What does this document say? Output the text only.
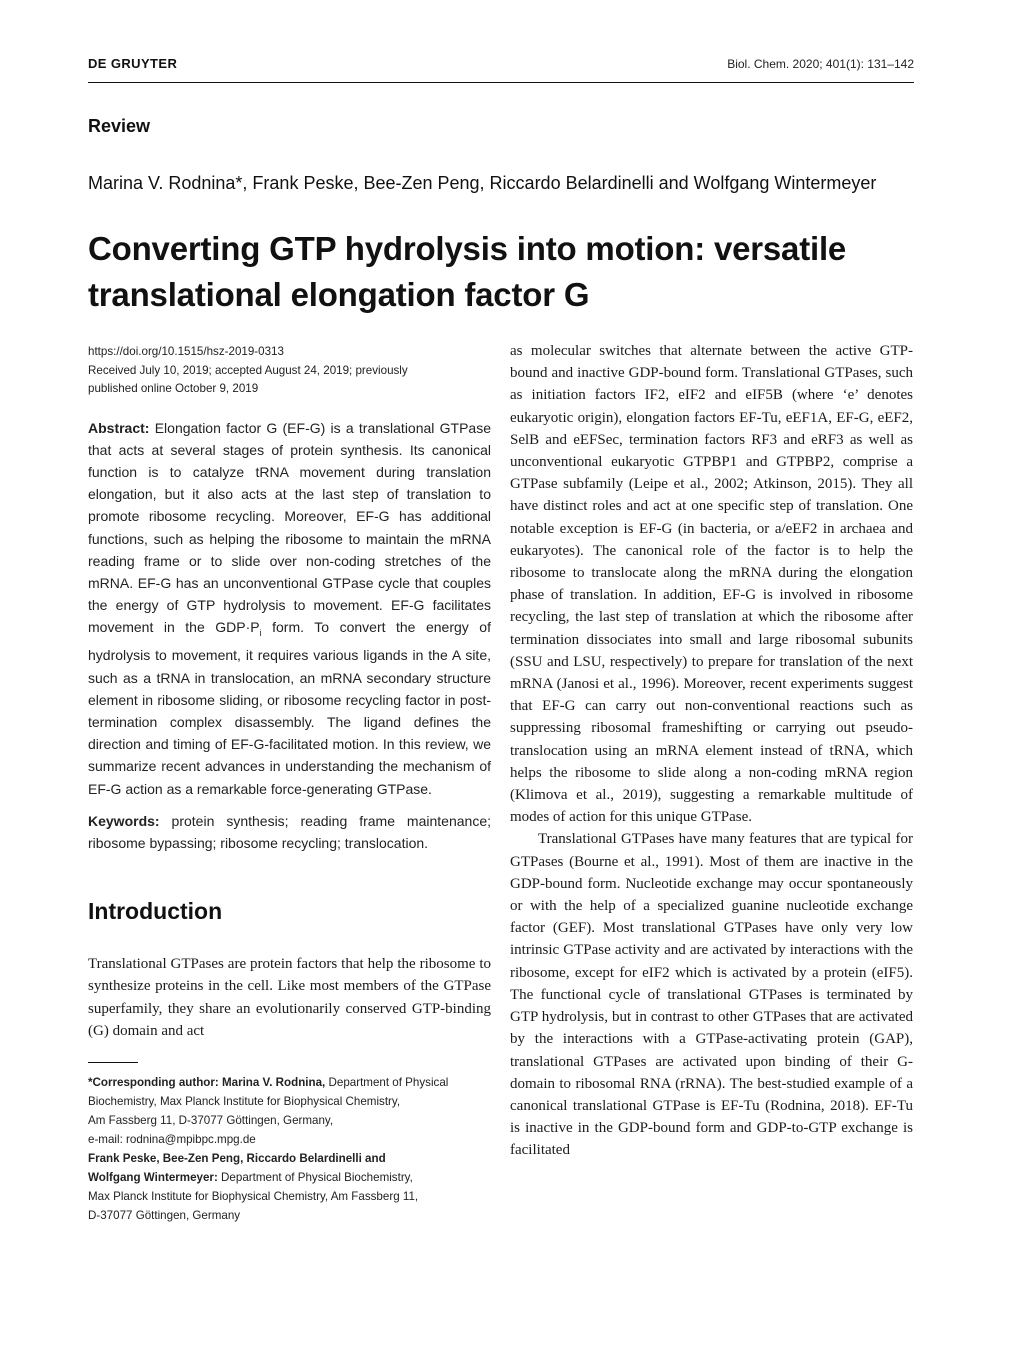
DE GRUYTER	Biol. Chem. 2020; 401(1): 131–142
Review
Marina V. Rodnina*, Frank Peske, Bee-Zen Peng, Riccardo Belardinelli and Wolfgang Wintermeyer
Converting GTP hydrolysis into motion: versatile translational elongation factor G
https://doi.org/10.1515/hsz-2019-0313
Received July 10, 2019; accepted August 24, 2019; previously
published online October 9, 2019

Abstract: Elongation factor G (EF-G) is a translational GTPase that acts at several stages of protein synthesis. Its canonical function is to catalyze tRNA movement during translation elongation, but it also acts at the last step of translation to promote ribosome recycling. Moreover, EF-G has additional functions, such as helping the ribosome to maintain the mRNA reading frame or to slide over non-coding stretches of the mRNA. EF-G has an unconventional GTPase cycle that couples the energy of GTP hydrolysis to movement. EF-G facilitates movement in the $GDP\cdot P_i$ form. To convert the energy of hydrolysis to movement, it requires various ligands in the A site, such as a tRNA in translocation, an mRNA secondary structure element in ribosome sliding, or ribosome recycling factor in post-termination complex disassembly. The ligand defines the direction and timing of EF-G-facilitated motion. In this review, we summarize recent advances in understanding the mechanism of EF-G action as a remarkable force-generating GTPase.

Keywords: protein synthesis; reading frame maintenance; ribosome bypassing; ribosome recycling; translocation.

Introduction

Translational GTPases are protein factors that help the ribosome to synthesize proteins in the cell. Like most members of the GTPase superfamily, they share an evolutionarily conserved GTP-binding (G) domain and act

*Corresponding author: Marina V. Rodnina, Department of Physical Biochemistry, Max Planck Institute for Biophysical Chemistry,
Am Fassberg 11, D-37077 Göttingen, Germany,
e-mail: rodnina@mpibpc.mpg.de
Frank Peske, Bee-Zen Peng, Riccardo Belardinelli and
Wolfgang Wintermeyer: Department of Physical Biochemistry,
Max Planck Institute for Biophysical Chemistry, Am Fassberg 11,
D-37077 Göttingen, Germany

as molecular switches that alternate between the active GTP-bound and inactive GDP-bound form. Translational GTPases, such as initiation factors IF2, eIF2 and eIF5B (where ‘e’ denotes eukaryotic origin), elongation factors EF-Tu, eEF1A, EF-G, eEF2, SelB and eEFSec, termination factors RF3 and eRF3 as well as unconventional eukaryotic GTPBP1 and GTPBP2, comprise a GTPase subfamily (Leipe et al., 2002; Atkinson, 2015). They all have distinct roles and act at one specific step of translation. One notable exception is EF-G (in bacteria, or a/eEF2 in archaea and eukaryotes). The canonical role of the factor is to help the ribosome to translocate along the mRNA during the elongation phase of translation. In addition, EF-G is involved in ribosome recycling, the last step of translation at which the ribosome after termination dissociates into small and large ribosomal subunits (SSU and LSU, respectively) to prepare for translation of the next mRNA (Janosi et al., 1996). Moreover, recent experiments suggest that EF-G can carry out non-conventional reactions such as suppressing ribosomal frameshifting or carrying out pseudo-translocation using an mRNA element instead of tRNA, which helps the ribosome to slide along a non-coding mRNA region (Klimova et al., 2019), suggesting a remarkable multitude of modes of action for this unique GTPase.

Translational GTPases have many features that are typical for GTPases (Bourne et al., 1991). Most of them are inactive in the GDP-bound form. Nucleotide exchange may occur spontaneously or with the help of a specialized guanine nucleotide exchange factor (GEF). Most translational GTPases have only very low intrinsic GTPase activity and are activated by interactions with the ribosome, except for eIF2 which is activated by a protein (eIF5). The functional cycle of translational GTPases is terminated by GTP hydrolysis, but in contrast to other GTPases that are activated by the interactions with a GTPase-activating protein (GAP), translational GTPases are activated upon binding of their G-domain to ribosomal RNA (rRNA). The best-studied example of a canonical translational GTPase is EF-Tu (Rodnina, 2018). EF-Tu is inactive in the GDP-bound form and GDP-to-GTP exchange is facilitated
